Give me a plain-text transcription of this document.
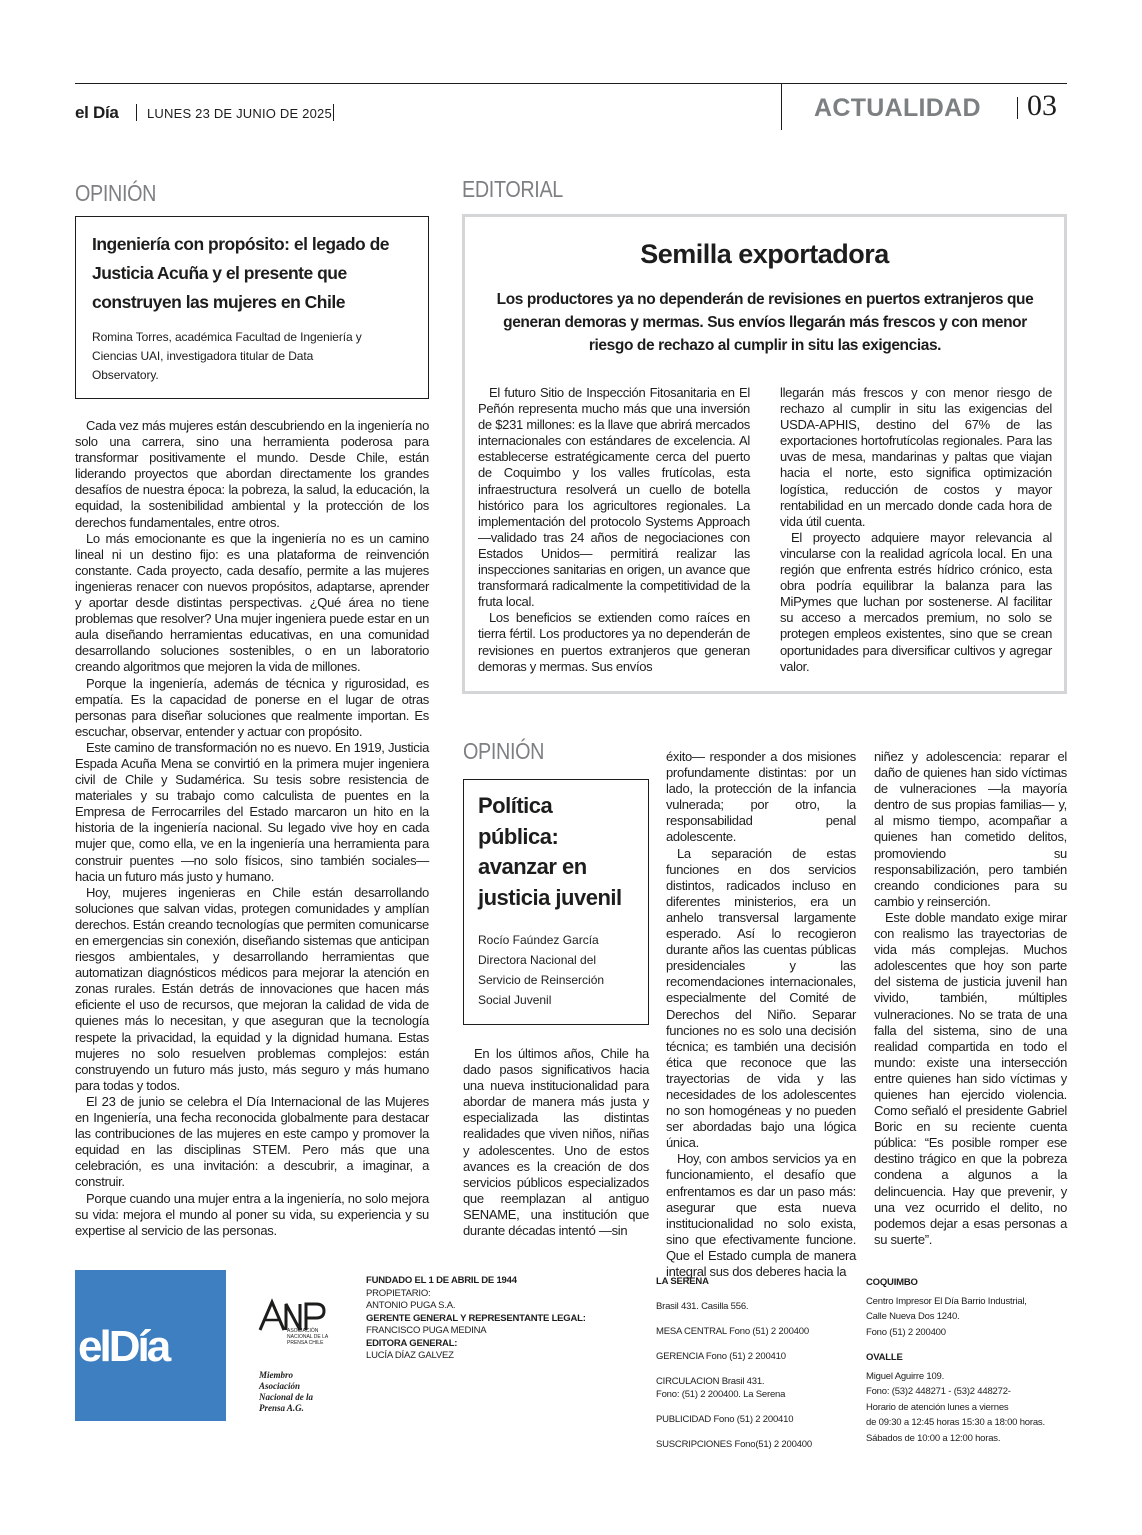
el Día LUNES 23 DE JUNIO DE 2025	ACTUALIDAD 03
OPINIÓN
Ingeniería con propósito: el legado de Justicia Acuña y el presente que construyen las mujeres en Chile
Romina Torres, académica Facultad de Ingeniería y Ciencias UAI, investigadora titular de Data Observatory.

Cada vez más mujeres están descubriendo en la ingeniería no solo una carrera, sino una herramienta poderosa para transformar positivamente el mundo. Desde Chile, están liderando proyectos que abordan directamente los grandes desafíos de nuestra época: la pobreza, la salud, la educación, la equidad, la sostenibilidad ambiental y la protección de los derechos fundamentales, entre otros.

Lo más emocionante es que la ingeniería no es un camino lineal ni un destino fijo: es una plataforma de reinvención constante. Cada proyecto, cada desafío, permite a las mujeres ingenieras renacer con nuevos propósitos, adaptarse, aprender y aportar desde distintas perspectivas. ¿Qué área no tiene problemas que resolver? Una mujer ingeniera puede estar en un aula diseñando herramientas educativas, en una comunidad desarrollando soluciones sostenibles, o en un laboratorio creando algoritmos que mejoren la vida de millones.

Porque la ingeniería, además de técnica y rigurosidad, es empatía. Es la capacidad de ponerse en el lugar de otras personas para diseñar soluciones que realmente importan. Es escuchar, observar, entender y actuar con propósito.

Este camino de transformación no es nuevo. En 1919, Justicia Espada Acuña Mena se convirtió en la primera mujer ingeniera civil de Chile y Sudamérica. Su tesis sobre resistencia de materiales y su trabajo como calculista de puentes en la Empresa de Ferrocarriles del Estado marcaron un hito en la historia de la ingeniería nacional. Su legado vive hoy en cada mujer que, como ella, ve en la ingeniería una herramienta para construir puentes —no solo físicos, sino también sociales— hacia un futuro más justo y humano.

Hoy, mujeres ingenieras en Chile están desarrollando soluciones que salvan vidas, protegen comunidades y amplían derechos. Están creando tecnologías que permiten comunicarse en emergencias sin conexión, diseñando sistemas que anticipan riesgos ambientales, y desarrollando herramientas que automatizan diagnósticos médicos para mejorar la atención en zonas rurales. Están detrás de innovaciones que hacen más eficiente el uso de recursos, que mejoran la calidad de vida de quienes más lo necesitan, y que aseguran que la tecnología respete la privacidad, la equidad y la dignidad humana. Estas mujeres no solo resuelven problemas complejos: están construyendo un futuro más justo, más seguro y más humano para todas y todos.

El 23 de junio se celebra el Día Internacional de las Mujeres en Ingeniería, una fecha reconocida globalmente para destacar las contribuciones de las mujeres en este campo y promover la equidad en las disciplinas STEM. Pero más que una celebración, es una invitación: a descubrir, a imaginar, a construir.

Porque cuando una mujer entra a la ingeniería, no solo mejora su vida: mejora el mundo al poner su vida, su experiencia y su expertise al servicio de las personas.

EDITORIAL
Semilla exportadora
Los productores ya no dependerán de revisiones en puertos extranjeros que generan demoras y mermas. Sus envíos llegarán más frescos y con menor riesgo de rechazo al cumplir in situ las exigencias.

El futuro Sitio de Inspección Fitosanitaria en El Peñón representa mucho más que una inversión de $231 millones: es la llave que abrirá mercados internacionales con estándares de excelencia. Al establecerse estratégicamente cerca del puerto de Coquimbo y los valles frutícolas, esta infraestructura resolverá un cuello de botella histórico para los agricultores regionales. La implementación del protocolo Systems Approach —validado tras 24 años de negociaciones con Estados Unidos— permitirá realizar las inspecciones sanitarias en origen, un avance que transformará radicalmente la competitividad de la fruta local.

Los beneficios se extienden como raíces en tierra fértil. Los productores ya no dependerán de revisiones en puertos extranjeros que generan demoras y mermas. Sus envíos

llegarán más frescos y con menor riesgo de rechazo al cumplir in situ las exigencias del USDA-APHIS, destino del 67% de las exportaciones hortofrutícolas regionales. Para las uvas de mesa, mandarinas y paltas que viajan hacia el norte, esto significa optimización logística, reducción de costos y mayor rentabilidad en un mercado donde cada hora de vida útil cuenta.

El proyecto adquiere mayor relevancia al vincularse con la realidad agrícola local. En una región que enfrenta estrés hídrico crónico, esta obra podría equilibrar la balanza para las MiPymes que luchan por sostenerse. Al facilitar su acceso a mercados premium, no solo se protegen empleos existentes, sino que se crean oportunidades para diversificar cultivos y agregar valor.

OPINIÓN
Política pública: avanzar en justicia juvenil
Rocío Faúndez García
Directora Nacional del Servicio de Reinserción Social Juvenil

En los últimos años, Chile ha dado pasos significativos hacia una nueva institucionalidad para abordar de manera más justa y especializada las distintas realidades que viven niños, niñas y adolescentes. Uno de estos avances es la creación de dos servicios públicos especializados que reemplazan al antiguo SENAME, una institución que durante décadas intentó —sin

éxito— responder a dos misiones profundamente distintas: por un lado, la protección de la infancia vulnerada; por otro, la responsabilidad penal adolescente.

La separación de estas funciones en dos servicios distintos, radicados incluso en diferentes ministerios, era un anhelo transversal largamente esperado. Así lo recogieron durante años las cuentas públicas presidenciales y las recomendaciones internacionales, especialmente del Comité de Derechos del Niño. Separar funciones no es solo una decisión técnica; es también una decisión ética que reconoce que las trayectorias de vida y las necesidades de los adolescentes no son homogéneas y no pueden ser abordadas bajo una lógica única.

Hoy, con ambos servicios ya en funcionamiento, el desafío que enfrentamos es dar un paso más: asegurar que esta nueva institucionalidad no solo exista, sino que efectivamente funcione. Que el Estado cumpla de manera integral sus dos deberes hacia la

niñez y adolescencia: reparar el daño de quienes han sido víctimas de vulneraciones —la mayoría dentro de sus propias familias— y, al mismo tiempo, acompañar a quienes han cometido delitos, promoviendo su responsabilización, pero también creando condiciones para su cambio y reinserción.

Este doble mandato exige mirar con realismo las trayectorias de vida más complejas. Muchos adolescentes que hoy son parte del sistema de justicia juvenil han vivido, también, múltiples vulneraciones. No se trata de una falla del sistema, sino de una realidad compartida en todo el mundo: existe una intersección entre quienes han sido víctimas y quienes han ejercido violencia. Como señaló el presidente Gabriel Boric en su reciente cuenta pública: “Es posible romper ese destino trágico en que la pobreza condena a algunos a la delincuencia. Hay que prevenir, y una vez ocurrido el delito, no podemos dejar a esas personas a su suerte”.

elDía	ASOCIACIÓN NACIONAL DE LA PRENSA CHILE
Miembro Asociación Nacional de la Prensa A.G.
FUNDADO EL 1 DE ABRIL DE 1944
PROPIETARIO:
ANTONIO PUGA S.A.
GERENTE GENERAL Y REPRESENTANTE LEGAL:
FRANCISCO PUGA MEDINA
EDITORA GENERAL:
LUCÍA DÍAZ GALVEZ
LA SERENA
Brasil 431. Casilla 556.
MESA CENTRAL Fono (51) 2 200400
GERENCIA Fono (51) 2 200410
CIRCULACION Brasil 431.
Fono: (51) 2 200400. La Serena
PUBLICIDAD Fono (51) 2 200410
SUSCRIPCIONES Fono(51) 2 200400
COQUIMBO
Centro Impresor El Día Barrio Industrial,
Calle Nueva Dos 1240.
Fono (51) 2 200400
OVALLE
Miguel Aguirre 109.
Fono: (53)2 448271 - (53)2 448272-
Horario de atención lunes a viernes
de 09:30 a 12:45 horas 15:30 a 18:00 horas.
Sábados de 10:00 a 12:00 horas.
